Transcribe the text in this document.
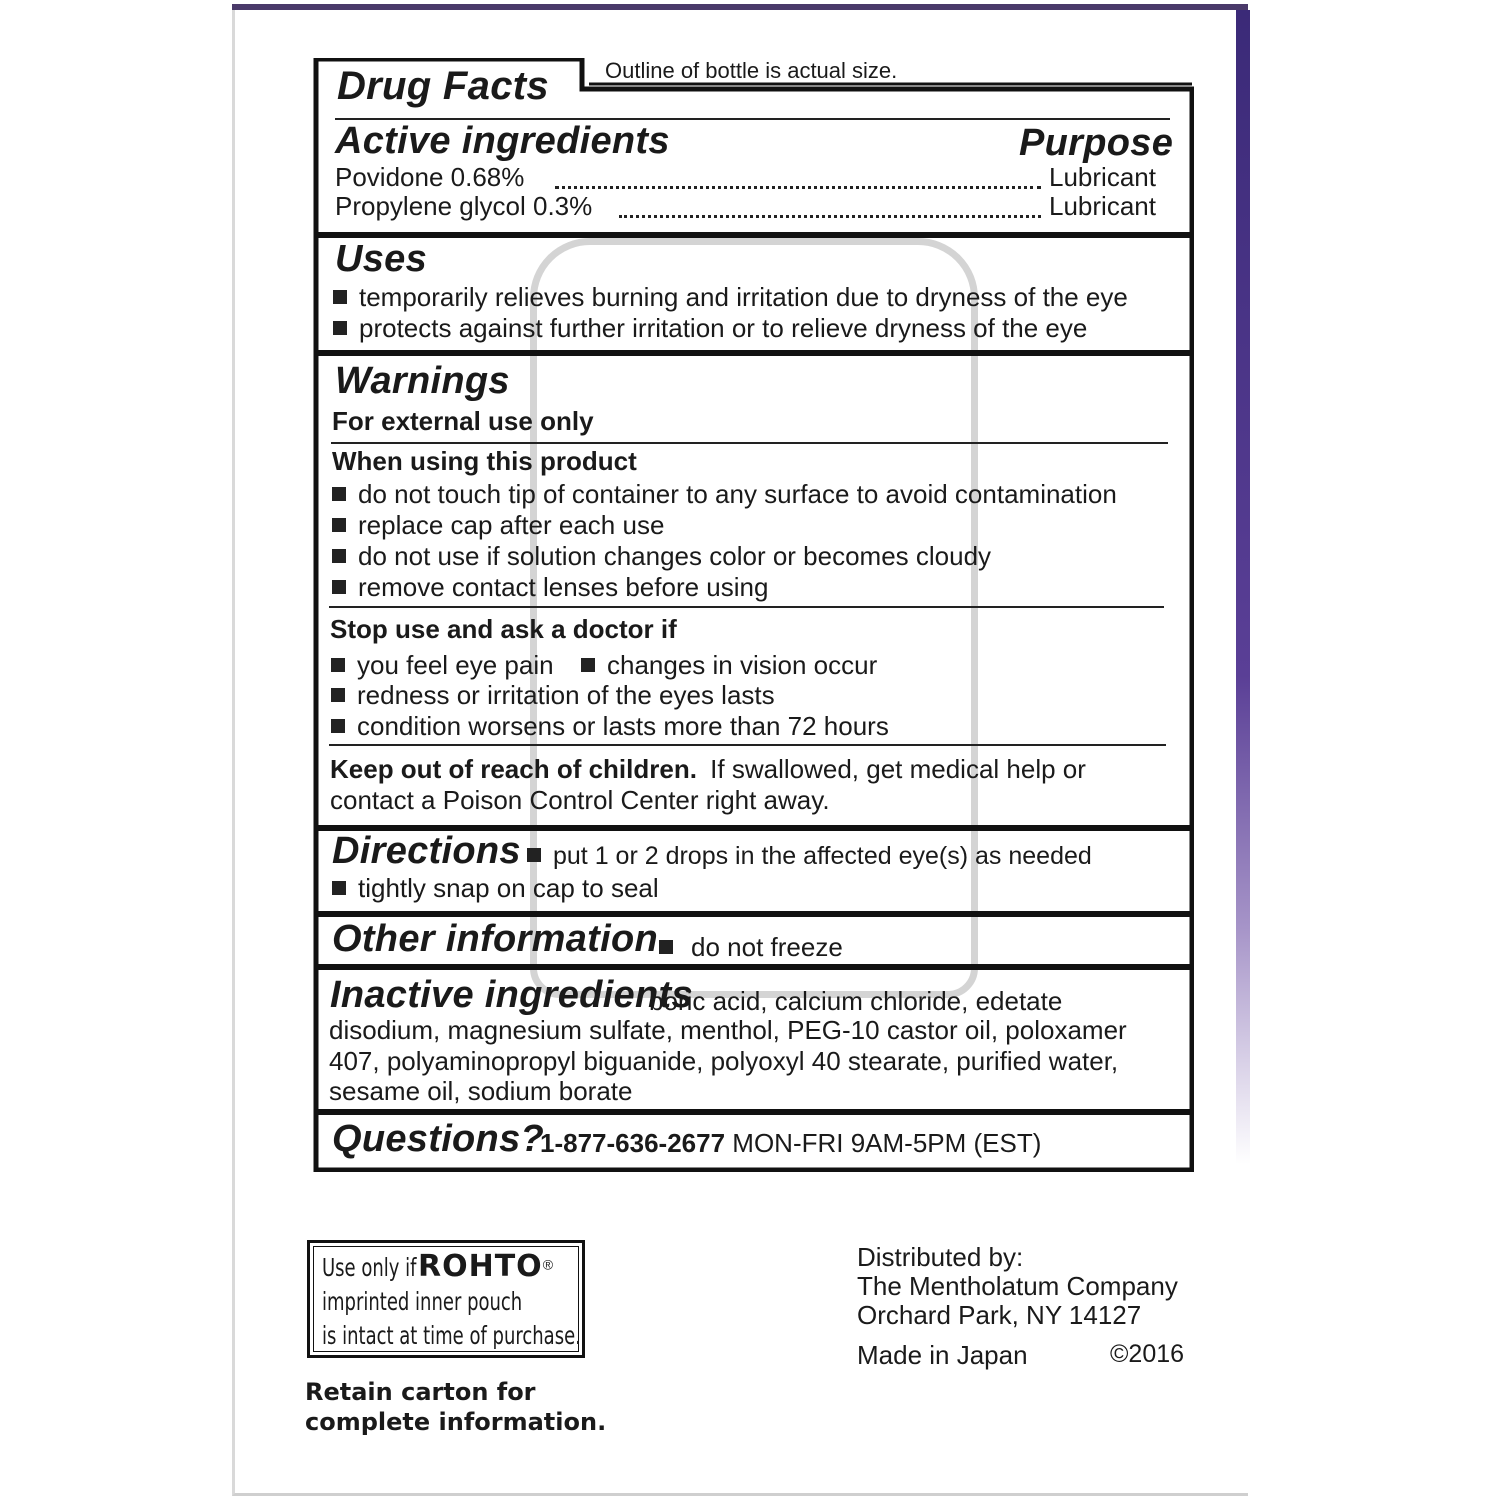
Drug Facts	Outline of bottle is actual size.
Active ingredients	Purpose
Povidone 0.68%	Lubricant
Propylene glycol 0.3%	Lubricant
Uses
temporarily relieves burning and irritation due to dryness of the eye
protects against further irritation or to relieve dryness of the eye
Warnings
For external use only
When using this product
do not touch tip of container to any surface to avoid contamination
replace cap after each use
do not use if solution changes color or becomes cloudy
remove contact lenses before using
Stop use and ask a doctor if
you feel eye pain	changes in vision occur
redness or irritation of the eyes lasts
condition worsens or lasts more than 72 hours
Keep out of reach of children. If swallowed, get medical help or
contact a Poison Control Center right away.
Directions	put 1 or 2 drops in the affected eye(s) as needed
tightly snap on cap to seal
Other information	do not freeze
Inactive ingredients
boric acid, calcium chloride, edetate
disodium, magnesium sulfate, menthol, PEG-10 castor oil, poloxamer
407, polyaminopropyl biguanide, polyoxyl 40 stearate, purified water,
sesame oil, sodium borate
Questions?
1-877-636-2677 MON-FRI 9AM-5PM (EST)
Use only ifROHTO®
imprinted inner pouch
is intact at time of purchase.
Retain carton for
complete information.
Distributed by:
The Mentholatum Company
Orchard Park, NY 14127
Made in Japan	©2016
